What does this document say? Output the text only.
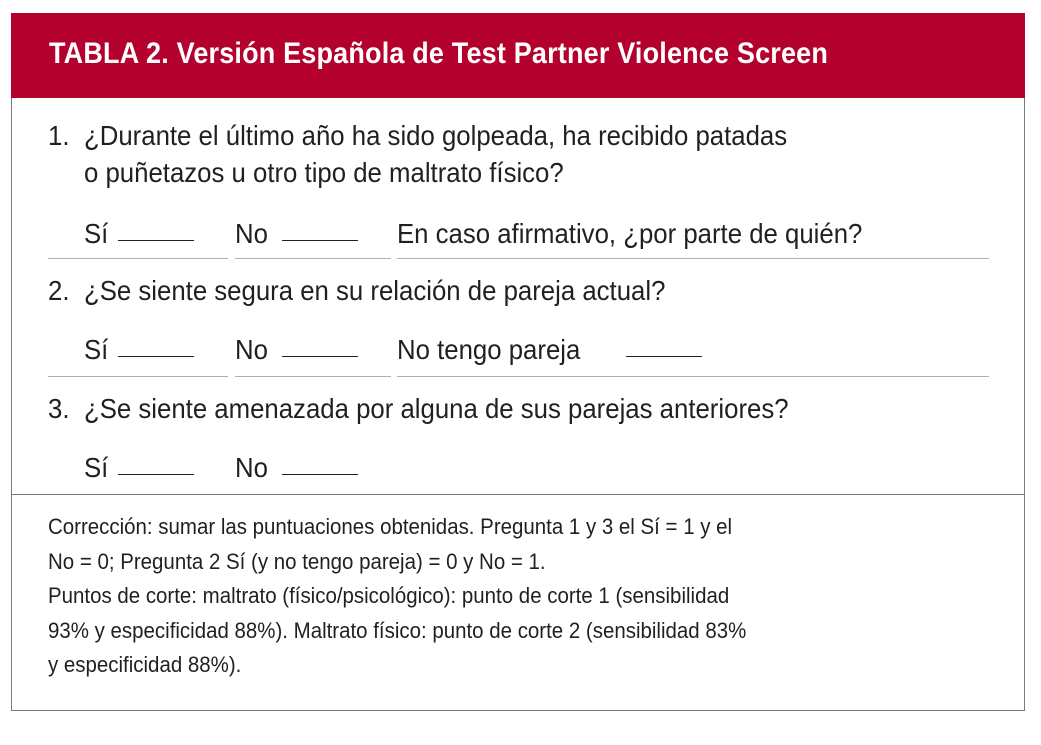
TABLA 2. Versión Española de Test Partner Violence Screen
1. ¿Durante el último año ha sido golpeada, ha recibido patadas
o puñetazos u otro tipo de maltrato físico?
Sí	No	En caso afirmativo, ¿por parte de quién?
2. ¿Se siente segura en su relación de pareja actual?
Sí	No	No tengo pareja
3. ¿Se siente amenazada por alguna de sus parejas anteriores?
Sí	No

Corrección: sumar las puntuaciones obtenidas. Pregunta 1 y 3 el Sí = 1 y el

No = 0; Pregunta 2 Sí (y no tengo pareja) = 0 y No = 1.

Puntos de corte: maltrato (físico/psicológico): punto de corte 1 (sensibilidad

93% y especificidad 88%). Maltrato físico: punto de corte 2 (sensibilidad 83%

y especificidad 88%).
